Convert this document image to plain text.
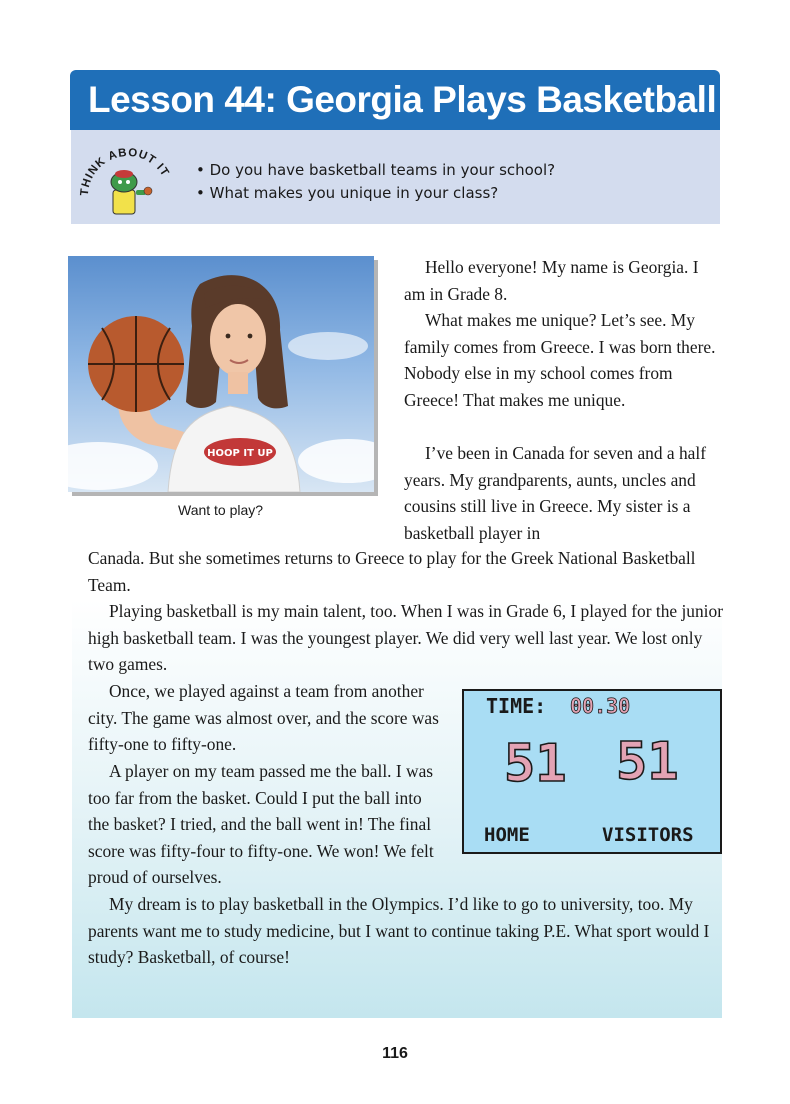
Lesson 44: Georgia Plays Basketball
THINK ABOUT IT
•	Do you have basketball teams in your school?
• What makes you unique in your class?
HOOP IT UP

Want to play?

Hello everyone! My name is Georgia. I am in Grade 8.

What makes me unique? Let’s see. My family comes from Greece. I was born there. Nobody else in my school comes from Greece! That makes me unique.

I’ve been in Canada for seven and a half years. My grandparents, aunts, uncles and cousins still live in Greece. My sister is a basketball player in

Canada. But she sometimes returns to Greece to play for the Greek National Basketball Team.

Playing basketball is my main talent, too. When I was in Grade 6, I played for the junior high basketball team. I was the youngest player. We did very well last year. We lost only two games.

Once, we played against a team from another city. The game was almost over, and the score was fifty-one to fifty-one.

A player on my team passed me the ball. I was too far from the basket. Could I put the ball into the basket? I tried, and the ball went in! The final score was fifty-four to fifty-one. We won! We felt proud of ourselves.

My dream is to play basketball in the Olympics. I’d like to go to university, too. My parents want me to study medicine, but I want to continue taking P.E. What sport would I study? Basketball, of course!

TIME: 00.30
51 51
HOME	VISITORS

116
